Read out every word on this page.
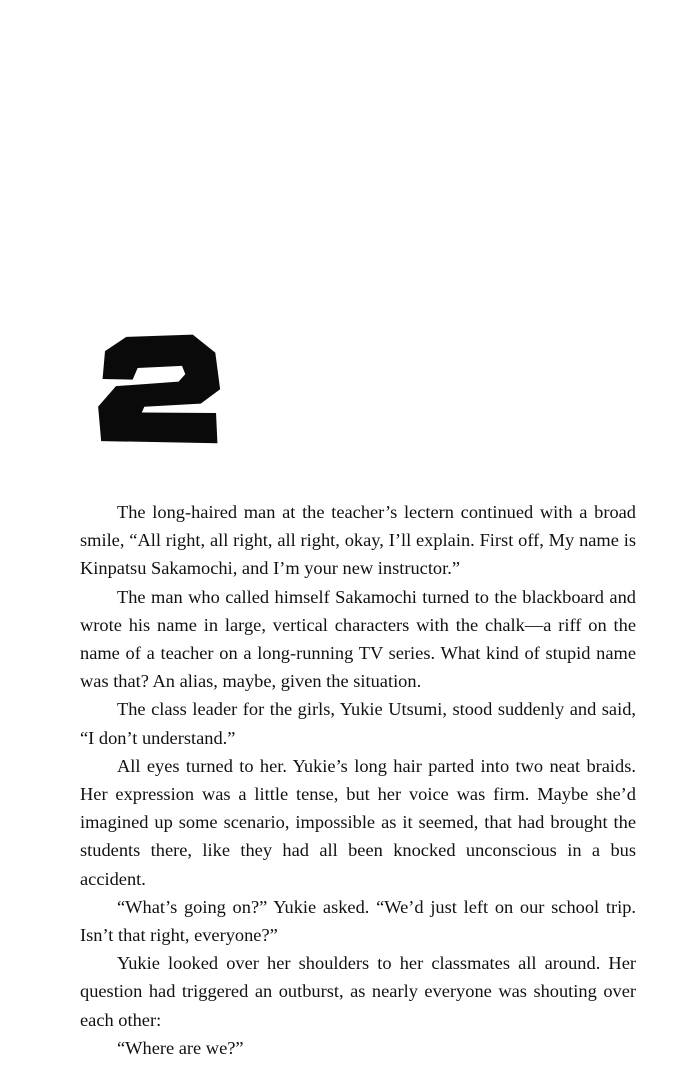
The long-haired man at the teacher’s lectern continued with a broad smile, “All right, all right, all right, okay, I’ll explain. First off, My name is Kinpatsu Sakamochi, and I’m your new instructor.”

The man who called himself Sakamochi turned to the blackboard and wrote his name in large, vertical characters with the chalk—a riff on the name of a teacher on a long-running TV series. What kind of stupid name was that? An alias, maybe, given the situation.

The class leader for the girls, Yukie Utsumi, stood suddenly and said, “I don’t understand.”

All eyes turned to her. Yukie’s long hair parted into two neat braids. Her expression was a little tense, but her voice was firm. Maybe she’d imagined up some scenario, impossible as it seemed, that had brought the students there, like they had all been knocked unconscious in a bus accident.

“What’s going on?” Yukie asked. “We’d just left on our school trip. Isn’t that right, everyone?”

Yukie looked over her shoulders to her classmates all around. Her question had triggered an outburst, as nearly everyone was shouting over each other:

“Where are we?”
